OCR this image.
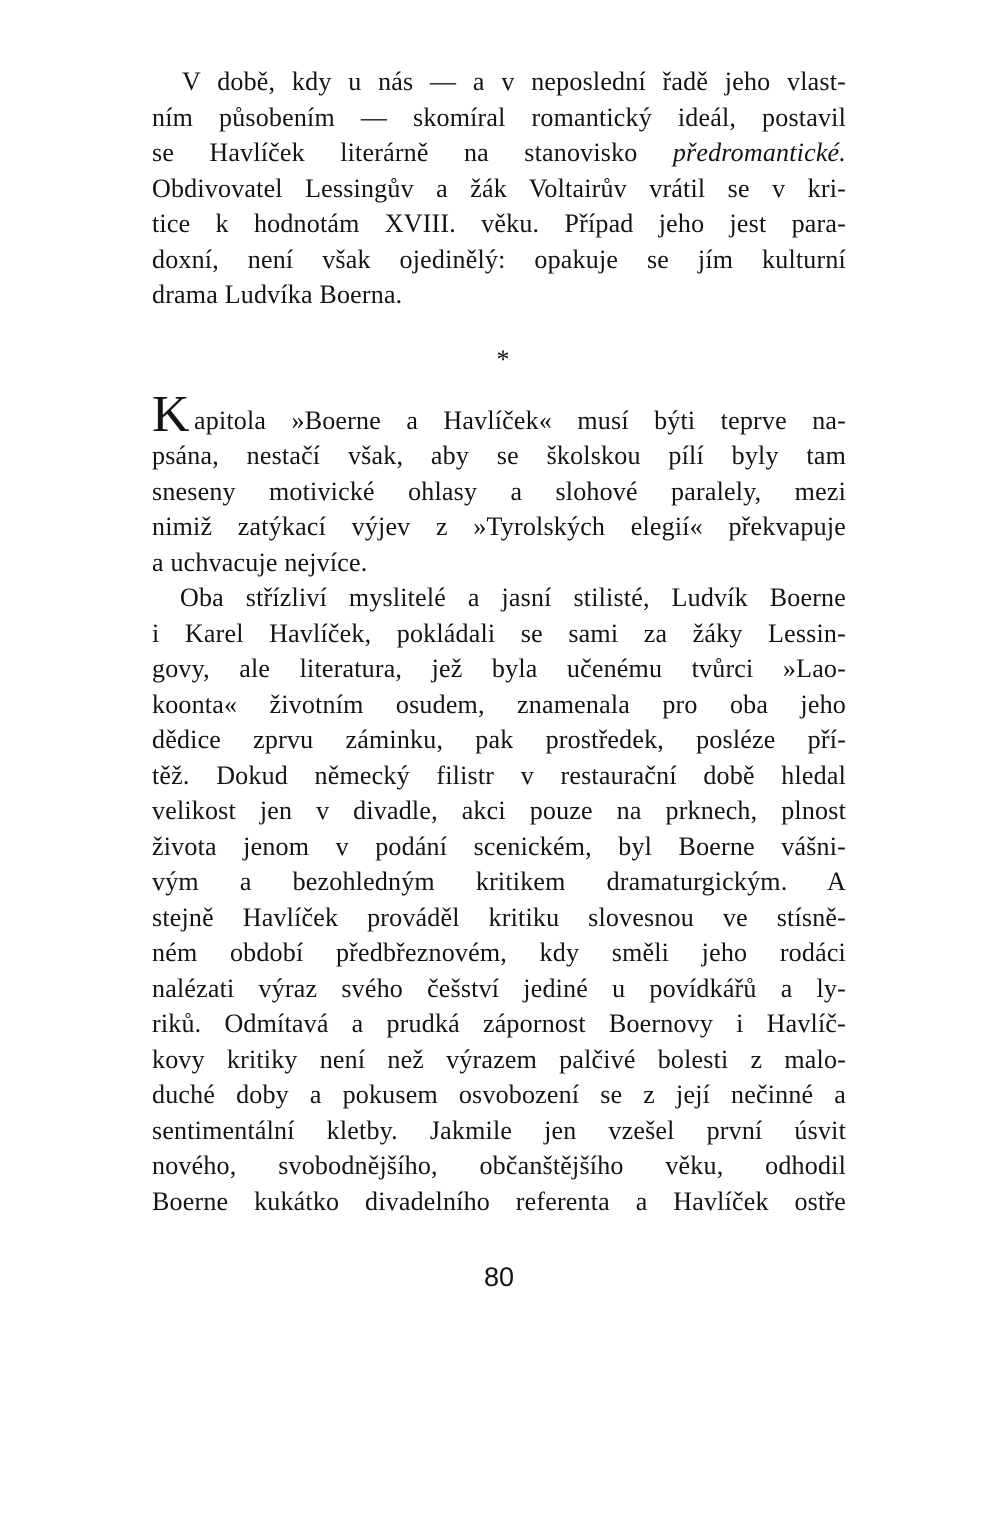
V době, kdy u nás — a v neposlední řadě jeho vlast-
ním působením — skomíral romantický ideál, postavil
se Havlíček literárně na stanovisko předromantické.
Obdivovatel Lessingův a žák Voltairův vrátil se v kri-
tice k hodnotám XVIII. věku. Případ jeho jest para-
doxní, není však ojedinělý: opakuje se jím kulturní
drama Ludvíka Boerna.
*
K apitola »Boerne a Havlíček« musí býti teprve na-
psána, nestačí však, aby se školskou pílí byly tam
sneseny motivické ohlasy a slohové paralely, mezi
nimiž zatýkací výjev z »Tyrolských elegií« překvapuje
a uchvacuje nejvíce.
Oba střízliví myslitelé a jasní stilisté, Ludvík Boerne
i Karel Havlíček, pokládali se sami za žáky Lessin-
govy, ale literatura, jež byla učenému tvůrci »Lao-
koonta« životním osudem, znamenala pro oba jeho
dědice zprvu záminku, pak prostředek, posléze pří-
těž. Dokud německý filistr v restaurační době hledal
velikost jen v divadle, akci pouze na prknech, plnost
života jenom v podání scenickém, byl Boerne vášni-
vým a bezohledným kritikem dramaturgickým. A
stejně Havlíček prováděl kritiku slovesnou ve stísně-
ném období předbřeznovém, kdy směli jeho rodáci
nalézati výraz svého češství jediné u povídkářů a ly-
riků. Odmítavá a prudká zápornost Boernovy i Havlíč-
kovy kritiky není než výrazem palčivé bolesti z malo-
duché doby a pokusem osvobození se z její nečinné a
sentimentální kletby. Jakmile jen vzešel první úsvit
nového, svobodnějšího, občanštějšího věku, odhodil
Boerne kukátko divadelního referenta a Havlíček ostře
80
